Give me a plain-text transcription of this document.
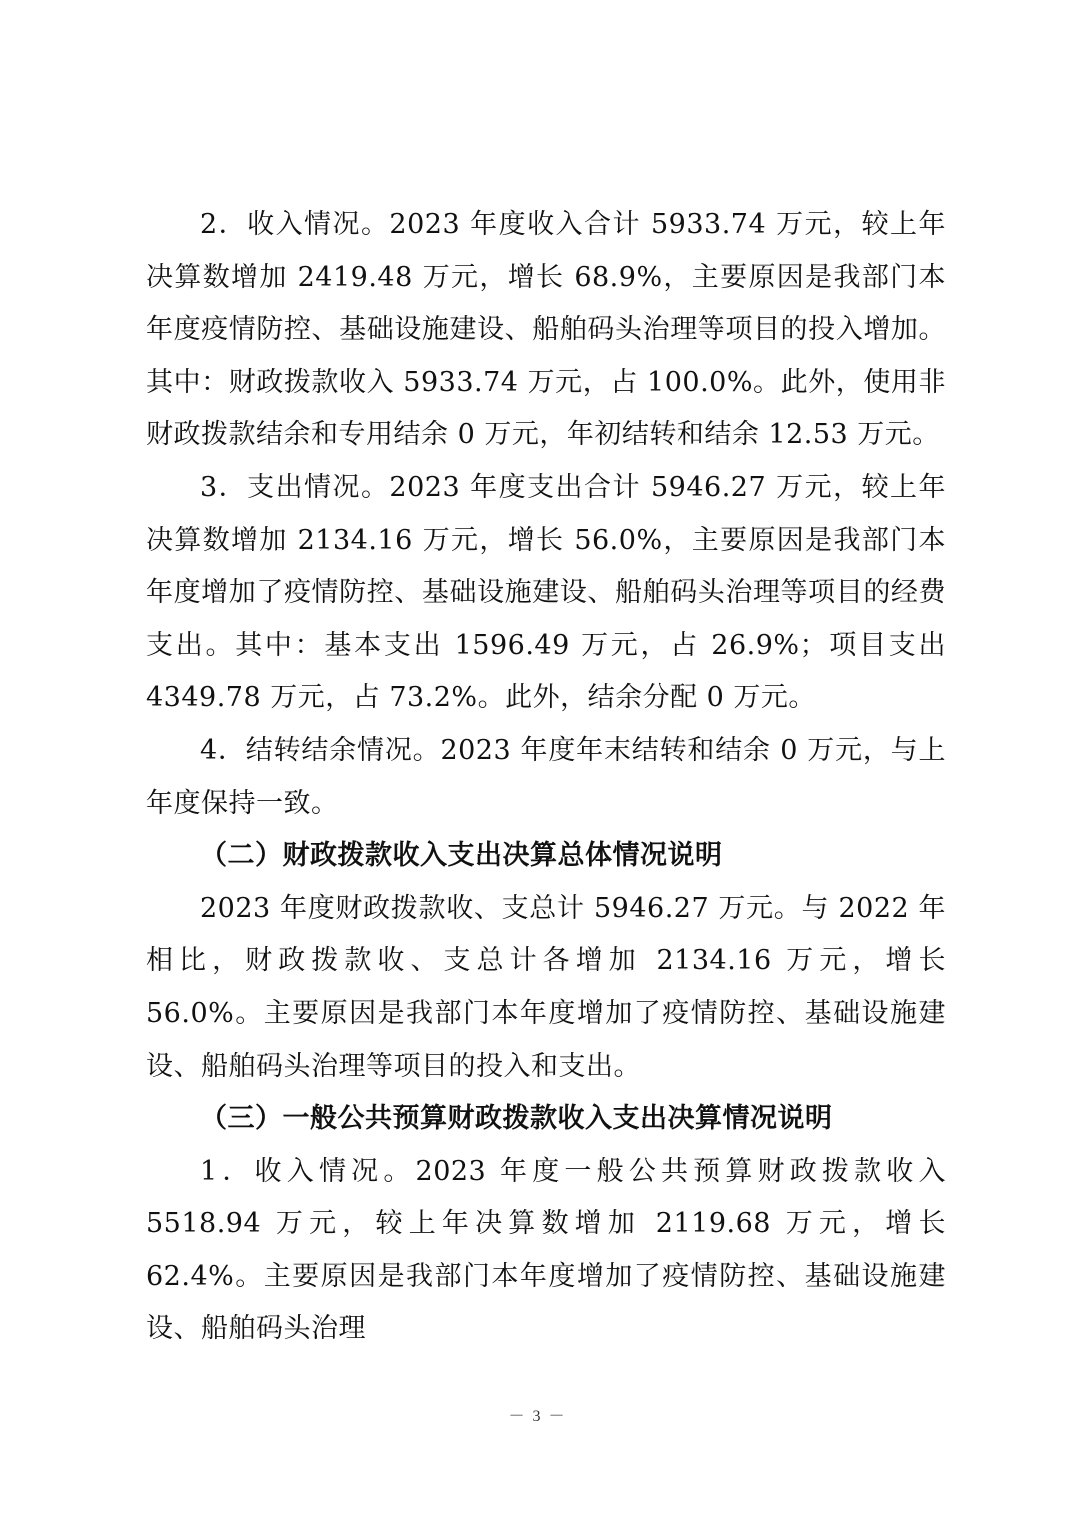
2．收入情况。2023 年度收入合计 5933.74 万元，较上年决算数增加 2419.48 万元，增长 68.9%，主要原因是我部门本年度疫情防控、基础设施建设、船舶码头治理等项目的投入增加。其中：财政拨款收入 5933.74 万元，占 100.0%。此外，使用非财政拨款结余和专用结余 0 万元，年初结转和结余 12.53 万元。

3．支出情况。2023 年度支出合计 5946.27 万元，较上年决算数增加 2134.16 万元，增长 56.0%，主要原因是我部门本年度增加了疫情防控、基础设施建设、船舶码头治理等项目的经费支出。其中：基本支出 1596.49 万元，占 26.9%；项目支出 4349.78 万元，占 73.2%。此外，结余分配 0 万元。

4．结转结余情况。2023 年度年末结转和结余 0 万元，与上年度保持一致。

（二）财政拨款收入支出决算总体情况说明

2023 年度财政拨款收、支总计 5946.27 万元。与 2022 年相比，财政拨款收、支总计各增加 2134.16 万元，增长 56.0%。主要原因是我部门本年度增加了疫情防控、基础设施建设、船舶码头治理等项目的投入和支出。

（三）一般公共预算财政拨款收入支出决算情况说明

1．收入情况。2023 年度一般公共预算财政拨款收入 5518.94 万元，较上年决算数增加 2119.68 万元，增长 62.4%。主要原因是我部门本年度增加了疫情防控、基础设施建设、船舶码头治理

－ 3 －
